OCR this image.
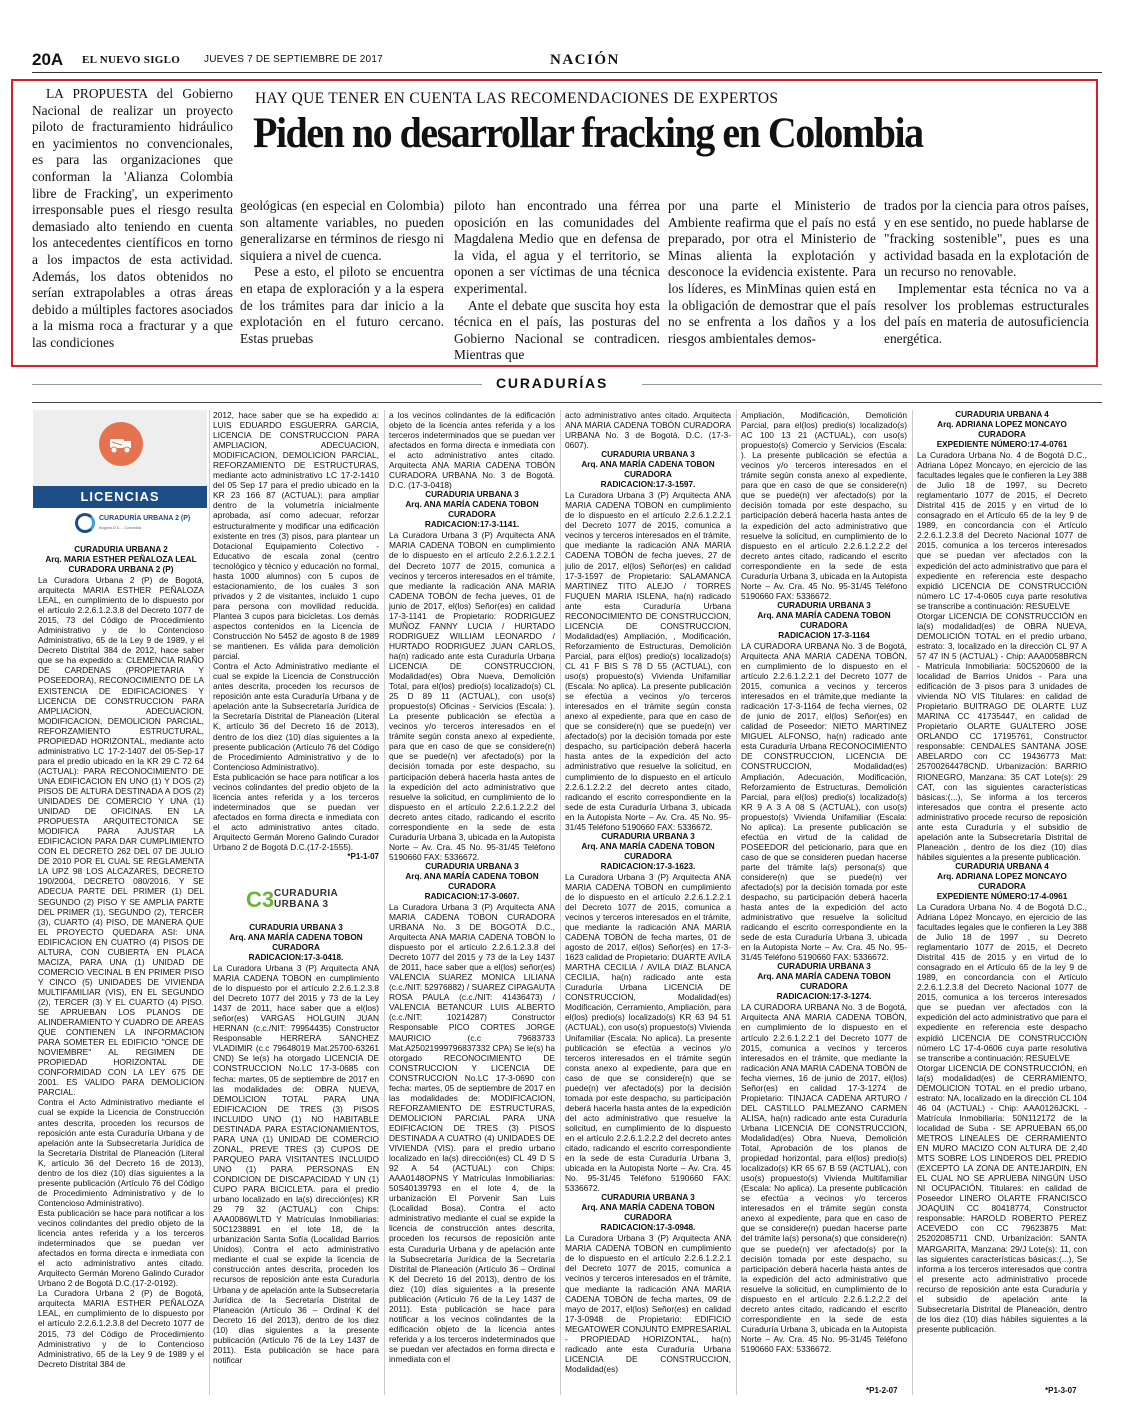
20A EL NUEVO SIGLO JUEVES 7 DE SEPTIEMBRE DE 2017	NACIÓN
HAY QUE TENER EN CUENTA LAS RECOMENDACIONES DE EXPERTOS
Piden no desarrollar fracking en Colombia

LA PROPUESTA del Gobierno Nacional de realizar un proyecto piloto de fracturamiento hidráulico en yacimientos no convencionales, es para las organizaciones que conforman la 'Alianza Colombia libre de Fracking', un experimento irresponsable pues el riesgo resulta demasiado alto teniendo en cuenta los antecedentes científicos en torno a los impactos de esta actividad. Además, los datos obtenidos no serían extrapolables a otras áreas debido a múltiples factores asociados a la misma roca a fracturar y a que las condiciones

geológicas (en especial en Colombia) son altamente variables, no pueden generalizarse en términos de riesgo ni siquiera a nivel de cuenca.

Pese a esto, el piloto se encuentra en etapa de exploración y a la espera de los trámites para dar inicio a la explotación en el futuro cercano. Estas pruebas

piloto han encontrado una férrea oposición en las comunidades del Magdalena Medio que en defensa de la vida, el agua y el territorio, se oponen a ser víctimas de una técnica experimental.

Ante el debate que suscita hoy esta técnica en el país, las posturas del Gobierno Nacional se contradicen. Mientras que

por una parte el Ministerio de Ambiente reafirma que el país no está preparado, por otra el Ministerio de Minas alienta la explotación y desconoce la evidencia existente. Para los líderes, es MinMinas quien está en la obligación de demostrar que el país no se enfrenta a los daños y a los riesgos ambientales demos-

trados por la ciencia para otros países, y en ese sentido, no puede hablarse de "fracking sostenible", pues es una actividad basada en la explotación de un recurso no renovable.

Implementar esta técnica no va a resolver los problemas estructurales del país en materia de autosuficiencia energética.

CURADURÍAS
LICENCIAS
CURADURÍA URBANA 2 (P)
Bogotá D.C. - Colombia
CURADURIA URBANA 2
Arq. MARIA ESTHER PEÑALOZA LEAL
CURADORA URBANA 2 (P)

La Curadora Urbana 2 (P) de Bogotá, arquitecta MARIA ESTHER PEÑALOZA LEAL, en cumplimiento de lo dispuesto por el artículo 2.2.6.1.2.3.8 del Decreto 1077 de 2015, 73 del Código de Procedimiento Administrativo y de lo Contencioso Administrativo, 65 de la Ley 9 de 1989, y el Decreto Distrital 384 de 2012, hace saber que se ha expedido a: CLEMENCIA RIAÑO DE CARDENAS (PROPIETARIA Y POSEEDORA), RECONOCIMIENTO DE LA EXISTENCIA DE EDIFICACIONES Y LICENCIA DE CONSTRUCCION PARA AMPLIACION, ADECUACION, MODIFICACION, DEMOLICION PARCIAL, REFORZAMIENTO ESTRUCTURAL, PROPIEDAD HORIZONTAL, mediante acto administrativo LC 17-2-1407 del 05-Sep-17 para el predio ubicado en la KR 29 C 72 64 (ACTUAL): PARA RECONOCIMIENTO DE UNA EDIFICACION EN UNO (1) Y DOS (2) PISOS DE ALTURA DESTINADA A DOS (2) UNIDADES DE COMERCIO Y UNA (1) UNIDAD DE OFICINAS. EN LA PROPUESTA ARQUITECTONICA SE MODIFICA PARA AJUSTAR LA EDIFICACION PARA DAR CUMPLIMIENTO CON EL DECRETO 262 DEL 07 DE JULIO DE 2010 POR EL CUAL SE REGLAMENTA LA UPZ 98 LOS ALCAZARES, DECRETO 190/2004, DECRETO 080/2016. Y SE ADECUA PARTE DEL PRIMER (1) DEL SEGUNDO (2) PISO Y SE AMPLIA PARTE DEL PRIMER (1), SEGUNDO (2), TERCER (3), CUARTO (4) PISO, DE MANERA QUE EL PROYECTO QUEDARA ASI: UNA EDIFICACION EN CUATRO (4) PISOS DE ALTURA, CON CUBIERTA EN PLACA MACIZA, PARA UNA (1) UNIDAD DE COMERCIO VECINAL B EN PRIMER PISO Y CINCO (5) UNIDADES DE VIVIENDA MULTIFAMILIAR (VIS), EN EL SEGUNDO (2), TERCER (3) Y EL CUARTO (4) PISO. SE APRUEBAN LOS PLANOS DE ALINDERAMIENTO Y CUADRO DE AREAS QUE CONTIENEN LA INFORMACION PARA SOMETER EL EDIFICIO "ONCE DE NOVIEMBRE" AL REGIMEN DE PROPIEDAD HORIZONTAL DE CONFORMIDAD CON LA LEY 675 DE 2001. ES VALIDO PARA DEMOLICION PARCIAL.

Contra el Acto Administrativo mediante el cual se expide la Licencia de Construcción antes descrita, proceden los recursos de reposición ante esta Curaduría Urbana y de apelación ante la Subsecretaría Jurídica de la Secretaría Distrital de Planeación (Literal K, artículo 36 del Decreto 16 de 2013), dentro de los diez (10) días siguientes a la presente publicación (Artículo 76 del Código de Procedimiento Administrativo y de lo Contencioso Administrativo).

Esta publicación se hace para notificar a los vecinos colindantes del predio objeto de la licencia antes referida y a los terceros indeterminados que se puedan ver afectados en forma directa e inmediata con el acto administrativo antes citado. Arquitecto Germán Moreno Galindo Curador Urbano 2 de Bogotá D.C.(17-2-0192).

La Curadora Urbana 2 (P) de Bogotá, arquitecta MARIA ESTHER PEÑALOZA LEAL, en cumplimiento de lo dispuesto por el artículo 2.2.6.1.2.3.8 del Decreto 1077 de 2015, 73 del Código de Procedimiento Administrativo y de lo Contencioso Administrativo, 65 de la Ley 9 de 1989 y el Decreto Distrital 384 de

2012, hace saber que se ha expedido a: LUIS EDUARDO ESGUERRA GARCIA, LICENCIA DE CONSTRUCCION PARA AMPLIACION, ADECUACION, MODIFICACION, DEMOLICION PARCIAL, REFORZAMIENTO DE ESTRUCTURAS, mediante acto administrativo LC 17-2-1410 del 05 Sep 17 para el predio ubicado en la KR 23 166 87 (ACTUAL): para ampliar dentro de la volumetría inicialmente aprobada, así como adecuar, reforzar estructuralmente y modificar una edificación existente en tres (3) pisos, para plantear un Dotacional Equipamiento Colectivo - Educativo de escala zonal (centro tecnológico y técnico y educación no formal, hasta 1000 alumnos) con 5 cupos de estacionamiento, de los cuales 3 son privados y 2 de visitantes, incluido 1 cupo para persona con movilidad reducida. Plantea 3 cupos para bicicletas. Los demás aspectos contenidos en la Licencia de Construcción No 5452 de agosto 8 de 1989 se mantienen. Es válida para demolición parcial.

Contra el Acto Administrativo mediante el cual se expide la Licencia de Construcción antes descrita, proceden los recursos de reposición ante esta Curaduría Urbana y de apelación ante la Subsecretaría Jurídica de la Secretaría Distrital de Planeación (Literal K, artículo 36 del Decreto 16 de 2013), dentro de los diez (10) días siguientes a la presente publicación (Artículo 76 del Código de Procedimiento Administrativo y de lo Contencioso Administrativo).

Esta publicación se hace para notificar a los vecinos colindantes del predio objeto de la licencia antes referida y a los terceros indeterminados que se puedan ver afectados en forma directa e inmediata con el acto administrativo antes citado. Arquitecto Germán Moreno Galindo Curador Urbano 2 de Bogotá D.C.(17-2-1555).

*P1-1-07
C3 CURADURIA
URBANA 3
CURADURIA URBANA 3
Arq. ANA MARÍA CADENA TOBON
CURADORA
RADICACION:17-3-0418.

La Curadora Urbana 3 (P) Arquitecta ANA MARIA CADENA TOBON en cumplimiento de lo dispuesto por el artículo 2.2.6.1.2.3.8 del Decreto 1077 del 2015 y 73 de la Ley 1437 de 2011, hace saber que a el(los) señor(es) VARGAS HOLGUIN JUAN HERNAN (c.c./NIT: 79954435) Constructor Responsable HERRERA SANCHEZ VLADIMIR (c.c 79648019 Mat.25700-63261 CND) Se le(s) ha otorgado LICENCIA DE CONSTRUCCION No.LC 17-3-0685 con fecha: martes, 05 de septiembre de 2017 en las modalidades de: OBRA NUEVA, DEMOLICION TOTAL PARA UNA EDIFICACION DE TRES (3) PISOS INCLUIDO UNO (1) NO HABITABLE DESTINADA PARA ESTACIONAMIENTOS, PARA UNA (1) UNIDAD DE COMERCIO ZONAL, PREVE TRES (3) CUPOS DE PARQUEO PARA VISITANTES INCLUIDO UNO (1) PARA PERSONAS EN CONDICION DE DISCAPACIDAD Y UN (1) CUPO PARA BICICLETA. para el predio urbano localizado en la(s) dirección(es) KR 29 79 32 (ACTUAL) con Chips: AAA0086WLTD Y Matrículas Inmobiliarias: 50C1238891 en el lote 18, de la urbanización Santa Sofía (Localidad Barrios Unidos). Contra el acto administrativo mediante el cual se expide la licencia de construcción antes descrita, proceden los recursos de reposición ante esta Curaduría Urbana y de apelación ante la Subsecretaría Jurídica de la Secretaría Distrital de Planeación (Artículo 36 – Ordinal K del Decreto 16 del 2013), dentro de los diez (10) días siguientes a la presente publicación (Artículo 76 de la Ley 1437 de 2011). Esta publicación se hace para notificar

a los vecinos colindantes de la edificación objeto de la licencia antes referida y a los terceros indeterminados que se puedan ver afectados en forma directa e inmediata con el acto administrativo antes citado. Arquitecta ANA MARIA CADENA TOBÓN CURADORA URBANA No. 3 de Bogotá. D.C. (17-3-0418)

CURADURIA URBANA 3
Arq. ANA MARÍA CADENA TOBON
CURADORA
RADICACION:17-3-1141.

La Curadora Urbana 3 (P) Arquitecta ANA MARIA CADENA TOBON en cumplimiento de lo dispuesto en el artículo 2.2.6.1.2.2.1 del Decreto 1077 de 2015, comunica a vecinos y terceros interesados en el trámite, que mediante la radicación ANA MARIA CADENA TOBÓN de fecha jueves, 01 de junio de 2017, el(los) Señor(es) en calidad 17-3-1141 de Propietario: RODRIGUEZ MUÑOZ FANNY LUCIA / HURTADO RODRIGUEZ WILLIAM LEONARDO / HURTADO RODRIGUEZ JUAN CARLOS, ha(n) radicado ante esta Curaduría Urbana LICENCIA DE CONSTRUCCION, Modalidad(es) Obra Nueva, Demolición Total, para el(los) predio(s) localizado(s) CL 25 D 89 11 (ACTUAL), con uso(s) propuesto(s) Oficinas - Servicios (Escala: ). La presente publicación se efectúa a vecinos y/o terceros interesados en el trámite según consta anexo al expediente, para que en caso de que se considere(n) que se puede(n) ver afectado(s) por la decisión tomada por este despacho, su participación deberá hacerla hasta antes de la expedición del acto administrativo que resuelve la solicitud, en cumplimiento de lo dispuesto en el artículo 2.2.6.1.2.2.2 del decreto antes citado, radicando el escrito correspondiente en la sede de esta Curaduría Urbana 3, ubicada en la Autopista Norte – Av. Cra. 45 No. 95-31/45 Teléfono 5190660 FAX: 5336672.

CURADURIA URBANA 3
Arq. ANA MARÍA CADENA TOBON
CURADORA
RADICACION:17-3-0607.

La Curadora Urbana 3 (P) Arquitecta ANA MARIA CADENA TOBON CURADORA URBANA No. 3 DE BOGOTÁ D.C., Arquitecta ANA MARIA CADENA TOBÓN lo dispuesto por el artículo 2.2.6.1.2.3.8 del Decreto 1077 del 2015 y 73 de la Ley 1437 de 2011, hace saber que a el(los) señor(es) VALENCIA SUAREZ MONICA LILIANA (c.c./NIT: 52976882) / SUAREZ CIPAGAUTA ROSA PAULA (c.c./NIT: 41436473) / VALENCIA BETANCUR LUIS ALBERTO (c.c./NIT: 10214287) Constructor Responsable PICO CORTES JORGE MAURICIO (c.c 79683733 Mat.A25021999796837332 CPA) Se le(s) ha otorgado RECONOCIMIENTO DE CONSTRUCCION Y LICENCIA DE CONSTRUCCION No.LC 17-3-0690 con fecha: martes, 05 de septiembre de 2017 en las modalidades de: MODIFICACION, REFORZAMIENTO DE ESTRUCTURAS, DEMOLICION PARCIAL PARA UNA EDIFICACION DE TRES (3) PISOS DESTINADA A CUATRO (4) UNIDADES DE VIVIENDA (VIS). para el predio urbano localizado en la(s) dirección(es) CL 49 D S 92 A 54 (ACTUAL) con Chips: AAA0148OPNS Y Matrículas Inmobiliarias: 50S40139793 en el lote 4, de la urbanización El Porvenir San Luis (Localidad Bosa). Contra el acto administrativo mediante el cual se expide la licencia de construcción antes descrita, proceden los recursos de reposición ante esta Curaduría Urbana y de apelación ante la Subsecretaría Jurídica de la Secretaría Distrital de Planeación (Artículo 36 – Ordinal K del Decreto 16 del 2013), dentro de los diez (10) días siguientes a la presente publicación (Artículo 76 de la Ley 1437 de 2011). Esta publicación se hace para notificar a los vecinos colindantes de la edificación objeto de la licencia antes referida y a los terceros indeterminados que se puedan ver afectados en forma directa e inmediata con el

acto administrativo antes citado. Arquitecta ANA MARIA CADENA TOBÓN CURADORA URBANA No. 3 de Bogotá. D.C. (17-3-0607).

CURADURIA URBANA 3
Arq. ANA MARÍA CADENA TOBON
CURADORA
RADICACION:17-3-1597.

La Curadora Urbana 3 (P) Arquitecta ANA MARIA CADENA TOBON en cumplimiento de lo dispuesto en el artículo 2.2.6.1.2.2.1 del Decreto 1077 de 2015, comunica a vecinos y terceros interesados en el trámite, que mediante la radicación ANA MARIA CADENA TOBÓN de fecha jueves, 27 de julio de 2017, el(los) Señor(es) en calidad 17-3-1597 de Propietario: SALAMANCA MARTINEZ TITO ALEJO / TORRES FUQUEN MARIA ISLENA, ha(n) radicado ante esta Curaduría Urbana RECONOCIMIENTO DE CONSTRUCCION, LICENCIA DE CONSTRUCCION, Modalidad(es) Ampliación, , Modificación, Reforzamiento de Estructuras, Demolición Parcial, para el(los) predio(s) localizado(s) CL 41 F BIS S 78 D 55 (ACTUAL), con uso(s) propuesto(s) Vivienda Unifamiliar (Escala: No aplica). La presente publicación se efectúa a vecinos y/o terceros interesados en el trámite según consta anexo al expediente, para que en caso de que se considere(n) que se puede(n) ver afectado(s) por la decisión tomada por este despacho, su participación deberá hacerla hasta antes de la expedición del acto administrativo que resuelve la solicitud, en cumplimiento de lo dispuesto en el artículo 2.2.6.1.2.2.2 del decreto antes citado, radicando el escrito correspondiente en la sede de esta Curaduría Urbana 3, ubicada en la Autopista Norte – Av. Cra. 45 No. 95-31/45 Teléfono 5190660 FAX: 5336672.

CURADURIA URBANA 3
Arq. ANA MARÍA CADENA TOBON
CURADORA
RADICACION:17-3-1623.

La Curadora Urbana 3 (P) Arquitecta ANA MARIA CADENA TOBON en cumplimiento de lo dispuesto en el artículo 2.2.6.1.2.2.1 del Decreto 1077 de 2015, comunica a vecinos y terceros interesados en el trámite, que mediante la radicación ANA MARIA CADENA TOBÓN de fecha martes, 01 de agosto de 2017, el(los) Señor(es) en 17-3-1623 calidad de Propietario: DUARTE AVILA MARTHA CECILIA / AVILA DIAZ BLANCA CECILIA, ha(n) radicado ante esta Curaduría Urbana LICENCIA DE CONSTRUCCION, Modalidad(es) Modificación, Cerramiento, Ampliación, para el(los) predio(s) localizado(s) KR 63 94 51 (ACTUAL), con uso(s) propuesto(s) Vivienda Unifamiliar (Escala: No aplica). La presente publicación se efectúa a vecinos y/o terceros interesados en el trámite según consta anexo al expediente, para que en caso de que se considere(n) que se puede(n) ver afectado(s) por la decisión tomada por este despacho, su participación deberá hacerla hasta antes de la expedición del acto administrativo que resuelve la solicitud, en cumplimiento de lo dispuesto en el artículo 2.2.6.1.2.2.2 del decreto antes citado, radicando el escrito correspondiente en la sede de esta Curaduría Urbana 3, ubicada en la Autopista Norte – Av. Cra. 45 No. 95-31/45 Teléfono 5190660 FAX: 5336672.

CURADURIA URBANA 3
Arq. ANA MARÍA CADENA TOBON
CURADORA
RADICACION:17-3-0948.

La Curadora Urbana 3 (P) Arquitecta ANA MARIA CADENA TOBON en cumplimiento de lo dispuesto en el artículo 2.2.6.1.2.2.1 del Decreto 1077 de 2015, comunica a vecinos y terceros interesados en el trámite, que mediante la radicación ANA MARIA CADENA TOBÓN de fecha martes, 09 de mayo de 2017, el(los) Señor(es) en calidad 17-3-0948 de Propietario: EDIFICIO MEGATOWER CONJUNTO EMPRESARIAL - PROPIEDAD HORIZONTAL, ha(n) radicado ante esta Curaduría Urbana LICENCIA DE CONSTRUCCION, Modalidad(es)

Ampliación, Modificación, Demolición Parcial, para el(los) predio(s) localizado(s) AC 100 13 21 (ACTUAL), con uso(s) propuesto(s) Comercio y Servicios (Escala: ). La presente publicación se efectúa a vecinos y/o terceros interesados en el trámite según consta anexo al expediente, para que en caso de que se considere(n) que se puede(n) ver afectado(s) por la decisión tomada por este despacho, su participación deberá hacerla hasta antes de la expedición del acto administrativo que resuelve la solicitud, en cumplimiento de lo dispuesto en el artículo 2.2.6.1.2.2.2 del decreto antes citado, radicando el escrito correspondiente en la sede de esta Curaduría Urbana 3, ubicada en la Autopista Norte – Av. Cra. 45 No. 95-31/45 Teléfono 5190660 FAX: 5336672.

CURADURIA URBANA 3
Arq. ANA MARÍA CADENA TOBON
CURADORA
RADICACION 17-3-1164

LA CURADORA URBANA No. 3 de Bogotá, Arquitecta ANA MARIA CADENA TOBÓN, en cumplimiento de lo dispuesto en el artículo 2.2.6.1.2.2.1 del Decreto 1077 de 2015, comunica a vecinos y terceros interesados en el trámite,que mediante la radicación 17-3-1164 de fecha viernes, 02 de junio de 2017, el(los) Señor(es) en calidad de Poseedor: NIETO MARTINEZ MIGUEL ALFONSO, ha(n) radicado ante esta Curaduría Urbana RECONOCIMIENTO DE CONSTRUCCION, LICENCIA DE CONSTRUCCION, Modalidad(es) Ampliación, Adecuación, Modificación, Reforzamiento de Estructuras, Demolición Parcial, para el(los) predio(s) localizado(s) KR 9 A 3 A 08 S (ACTUAL), con uso(s) propuesto(s) Vivienda Unifamiliar (Escala: No aplica). La presente publicación se efectúa en virtud de la calidad de POSEEDOR del peticionario, para que en caso de que se consideren puedan hacerse parte del trámite la(s) persona(s) que considere(n) que se puede(n) ver afectado(s) por la decisión tomada por este despacho, su participación deberá hacerla hasta antes de la expedición del acto administrativo que resuelve la solicitud radicando el escrito correspondiente en la sede de esta Curaduría Urbana 3, ubicada en la Autopista Norte – Av. Cra. 45 No. 95-31/45 Teléfono 5190660 FAX: 5336672.

CURADURIA URBANA 3
Arq. ANA MARÍA CADENA TOBON
CURADORA
RADICACION:17-3-1274.

LA CURADORA URBANA No. 3 de Bogotá, Arquitecta ANA MARIA CADENA TOBÓN, en cumplimiento de lo dispuesto en el artículo 2.2.6.1.2.2.1 del Decreto 1077 de 2015, comunica a vecinos y terceros interesados en el trámite, que mediante la radicación ANA MARIA CADENA TOBÓN de fecha viernes, 16 de junio de 2017, el(los) Señor(es) en calidad 17-3-1274 de Propietario: TINJACA CADENA ARTURO / DEL CASTILLO PALMEZANO CARMEN ALISA, ha(n) radicado ante esta Curaduría Urbana LICENCIA DE CONSTRUCCION, Modalidad(es) Obra Nueva, Demolición Total, Aprobación de los planos de propiedad horizontal, para el(los) predio(s) localizado(s) KR 65 67 B 59 (ACTUAL), con uso(s) propuesto(s) Vivienda Multifamiliar (Escala: No aplica). La presente publicación se efectúa a vecinos y/o terceros interesados en el trámite según consta anexo al expediente, para que en caso de que se considere(n) puedan hacerse parte del trámite la(s) persona(s) que considere(n) que se puede(n) ver afectado(s) por la decisión tomada por este despacho, su participación deberá hacerla hasta antes de la expedición del acto administrativo que resuelve la solicitud, en cumplimiento de lo dispuesto en el artículo 2.2.6.1.2.2.2 del decreto antes citado, radicando el escrito correspondiente en la sede de esta Curaduría Urbana 3, ubicada en la Autopista Norte – Av. Cra. 45 No. 95-31/45 Teléfono 5190660 FAX: 5336672.

*P1-2-07
CURADURIA URBANA 4
Arq. ADRIANA LOPEZ MONCAYO
CURADORA
EXPEDIENTE NÚMERO:17-4-0761

La Curadora Urbana No. 4 de Bogotá D.C., Adriana López Moncayo, en ejercicio de las facultades legales que le confieren la Ley 388 de Julio 18 de 1997, su Decreto reglamentario 1077 de 2015, el Decreto Distrital 415 de 2015 y en virtud de lo consagrado en el Artículo 65 de la ley 9 de 1989, en concordancia con el Artículo 2.2.6.1.2.3.8 del Decreto Nacional 1077 de 2015, comunica a los terceros interesados que se puedan ver afectados con la expedición del acto administrativo que para el expediente en referencia este despacho expidió LICENCIA DE CONSTRUCCIÓN número LC 17-4-0605 cuya parte resolutiva se transcribe a continuación: RESUELVE

Otorgar LICENCIA DE CONSTRUCCIÓN en la(s) modalidad(es) de OBRA NUEVA, DEMOLICIÓN TOTAL en el predio urbano, estrato: 3, localizado en la dirección CL 97 A 57 47 IN 5 (ACTUAL) - Chip: AAA0058BRCN - Matrícula Inmobiliaria: 50C520600 de la localidad de Barrios Unidos - Para una edificación de 3 pisos para 3 unidades de vivienda NO VIS Titulares: en calidad de Propietario BUITRAGO DE OLARTE LUZ MARINA CC 41735447, en calidad de Propietario OLARTE GUALTERO JOSE ORLANDO CC 17195761, Constructor responsable: CENDALES SANTANA JOSE ABELARDO con CC 19436773 Mat: 25700264478CND. Urbanización: BARRIO RIONEGRO, Manzana: 35 CAT Lote(s): 29 CAT, con las siguientes características básicas:(...), Se informa a los terceros interesados que contra el presente acto administrativo procede recurso de reposición ante esta Curaduría y el subsidio de apelación ante la Subsecretaría Distrital de Planeación , dentro de los diez (10) días hábiles siguientes a la presente publicación.

CURADURIA URBANA 4
Arq. ADRIANA LOPEZ MONCAYO
CURADORA
EXPEDIENTE NÚMERO:17-4-0961

La Curadora Urbana No. 4 de Bogotá D.C., Adriana López Moncayo, en ejercicio de las facultades legales que le confieren la Ley 388 de Julio 18 de 1997 , su Decreto reglamentario 1077 de 2015, el Decreto Distrital 415 de 2015 y en virtud de lo consagrado en el Artículo 65 de la ley 9 de 1989, en concordancia con el Artículo 2.2.6.1.2.3.8 del Decreto Nacional 1077 de 2015, comunica a los terceros interesados que se puedan ver afectados con la expedición del acto administrativo que para el expediente en referencia este despacho expidió LICENCIA DE CONSTRUCCIÓN número LC 17-4-0606 cuya parte resolutiva se transcribe a continuación: RESUELVE

Otorgar LICENCIA DE CONSTRUCCIÓN, en la(s) modalidad(es) de CERRAMIENTO, DEMOLICION TOTAL en el predio urbano, estrato: NA, localizado en la dirección CL 104 46 04 (ACTUAL) - Chip: AAA0126JCKL - Matrícula Inmobiliaria: 50N112172 de la localidad de Suba - SE APRUEBAN 65,00 METROS LINEALES DE CERRAMIENTO EN MURO MACIZO CON ALTURA DE 2,40 MTS SOBRE LOS LINDEROS DEL PREDIO (EXCEPTO LA ZONA DE ANTEJARDIN, EN EL CUAL NO SE APRUEBA NINGÚN USO NI OCUPACIÓN. Titulares: en calidad de Poseedor LINERO OLARTE FRANCISCO JOAQUIN CC 80418774, Constructor responsable: HAROLD ROBERTO PEREZ ACEVEDO con CC 79623875 Mat: 25202085711 CND. Urbanización: SANTA MARGARITA, Manzana: 29/J Lote(s): 11, con las siguientes características básicas:(...), Se informa a los terceros interesados que contra el presente acto administrativo procede recurso de reposición ante esta Curaduría y el subsidio de apelación ante la Subsecretaría Distrital de Planeación, dentro de los diez (10) días hábiles siguientes a la presente publicación.

*P1-3-07
